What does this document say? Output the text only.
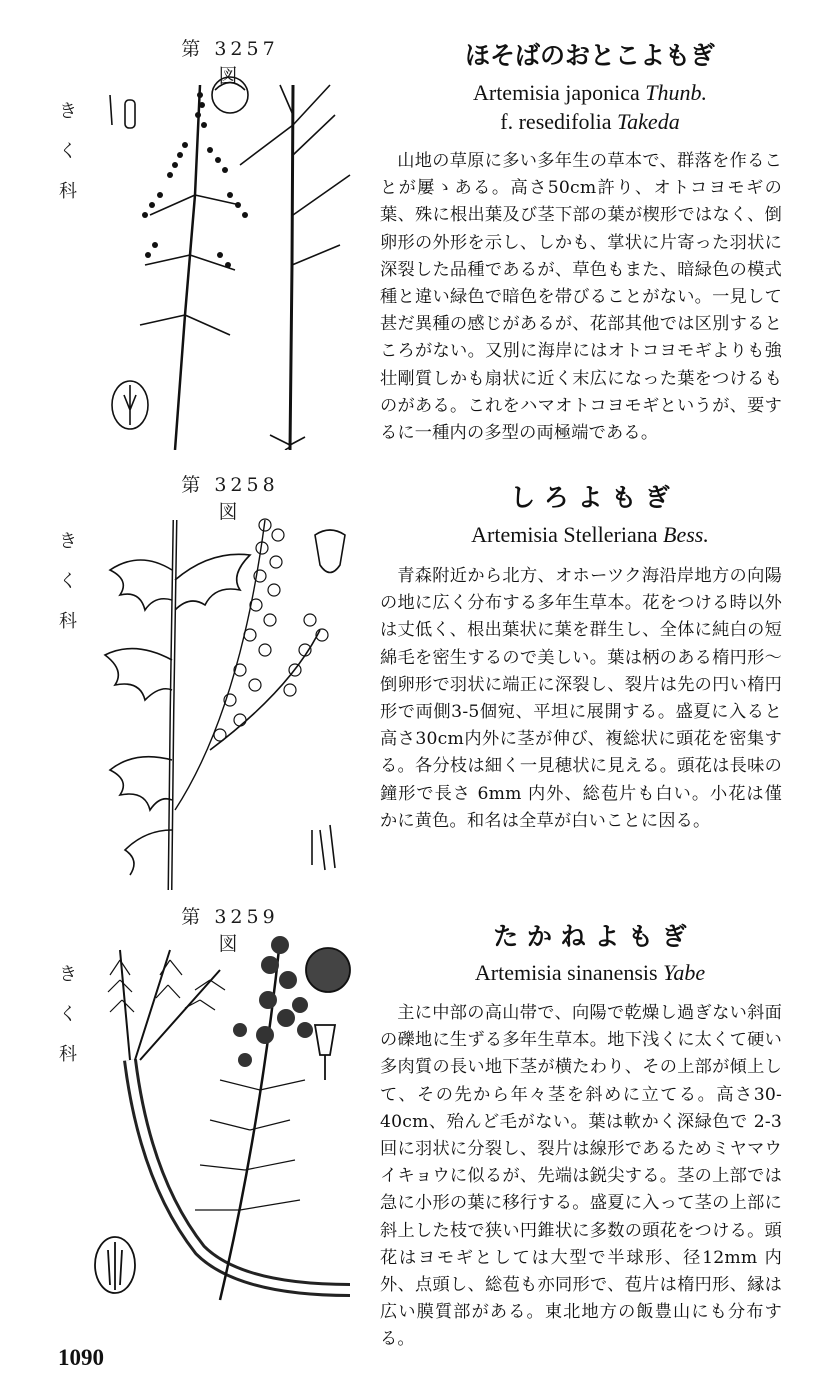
第 3257 図
き
く
科
ほそばのおとこよもぎ
Artemisia japonica Thunb.
f. resedifolia Takeda
山地の草原に多い多年生の草本で、群落を作ることが屢ゝある。高さ50cm許り、オトコヨモギの葉、殊に根出葉及び茎下部の葉が楔形ではなく、倒卵形の外形を示し、しかも、掌状に片寄った羽状に深裂した品種であるが、草色もまた、暗緑色の模式種と違い緑色で暗色を帯びることがない。一見して甚だ異種の感じがあるが、花部其他では区別するところがない。又別に海岸にはオトコヨモギよりも強壮剛質しかも扇状に近く末広になった葉をつけるものがある。これをハマオトコヨモギというが、要するに一種内の多型の両極端である。
第 3258 図
き
く
科
し ろ よ も ぎ
Artemisia Stelleriana Bess.
青森附近から北方、オホーツク海沿岸地方の向陽の地に広く分布する多年生草本。花をつける時以外は丈低く、根出葉状に葉を群生し、全体に純白の短綿毛を密生するので美しい。葉は柄のある楕円形〜倒卵形で羽状に端正に深裂し、裂片は先の円い楕円形で両側3-5個宛、平坦に展開する。盛夏に入ると高さ30cm内外に茎が伸び、複総状に頭花を密集する。各分枝は細く一見穂状に見える。頭花は長味の鐘形で長さ 6mm 内外、総苞片も白い。小花は僅かに黄色。和名は全草が白いことに因る。
第 3259 図
き
く
科
た か ね よ も ぎ
Artemisia sinanensis Yabe
主に中部の高山帯で、向陽で乾燥し過ぎない斜面の礫地に生ずる多年生草本。地下浅くに太くて硬い多肉質の長い地下茎が横たわり、その上部が傾上して、その先から年々茎を斜めに立てる。高さ30-40cm、殆んど毛がない。葉は軟かく深緑色で 2-3 回に羽状に分裂し、裂片は線形であるためミヤマウイキョウに似るが、先端は鋭尖する。茎の上部では急に小形の葉に移行する。盛夏に入って茎の上部に斜上した枝で狭い円錐状に多数の頭花をつける。頭花はヨモギとしては大型で半球形、径12mm 内外、点頭し、総苞も亦同形で、苞片は楕円形、縁は広い膜質部がある。東北地方の飯豊山にも分布する。
1090
